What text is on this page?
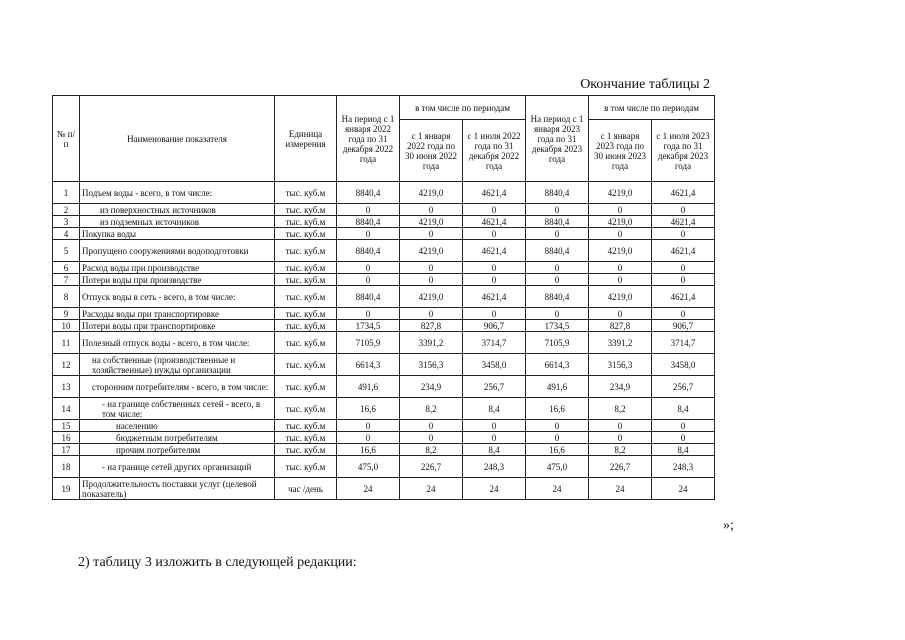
Окончание таблицы 2
№ п/п	Наименование показателя	Единица измерения	На период с 1 января 2022 года по 31 декабря 2022 года	в том числе по периодам		На период с 1 января 2023 года по 31 декабря 2023 года	в том числе по периодам	
				с 1 января 2022 года по 30 июня 2022 года	с 1 июля 2022 года по 31 декабря 2022 года		с 1 января 2023 года по 30 июня 2023 года	с 1 июля 2023 года по 31 декабря 2023 года
1	Подъем воды - всего, в том числе:	тыс. куб.м	8840,4	4219,0	4621,4	8840,4	4219,0	4621,4
2	из поверхностных источников	тыс. куб.м	0	0	0	0	0	0
3	из подземных источников	тыс. куб.м	8840,4	4219,0	4621,4	8840,4	4219,0	4621,4
4	Покупка воды	тыс. куб.м	0	0	0	0	0	0
5	Пропущено сооружениями водоподготовки	тыс. куб.м	8840,4	4219,0	4621,4	8840,4	4219,0	4621,4
6	Расход воды при производстве	тыс. куб.м	0	0	0	0	0	0
7	Потери воды при производстве	тыс. куб.м	0	0	0	0	0	0
8	Отпуск воды в сеть - всего, в том числе:	тыс. куб.м	8840,4	4219,0	4621,4	8840,4	4219,0	4621,4
9	Расходы воды при транспортировке	тыс. куб.м	0	0	0	0	0	0
10	Потери воды при транспортировке	тыс. куб.м	1734,5	827,8	906,7	1734,5	827,8	906,7
11	Полезный отпуск воды - всего, в том числе:	тыс. куб.м	7105,9	3391,2	3714,7	7105,9	3391,2	3714,7
12	на собственные (производственные и хозяйственные) нужды организации	тыс. куб.м	6614,3	3156,3	3458,0	6614,3	3156,3	3458,0
13	сторонним потребителям - всего, в том числе:	тыс. куб.м	491,6	234,9	256,7	491,6	234,9	256,7
14	- на границе собственных сетей - всего, в том числе:	тыс. куб.м	16,6	8,2	8,4	16,6	8,2	8,4
15	населению	тыс. куб.м	0	0	0	0	0	0
16	бюджетным потребителям	тыс. куб.м	0	0	0	0	0	0
17	прочим потребителям	тыс. куб.м	16,6	8,2	8,4	16,6	8,2	8,4
18	- на границе сетей других организаций	тыс. куб.м	475,0	226,7	248,3	475,0	226,7	248,3
19	Продолжительность поставки услуг (целевой показатель)	час /день	24	24	24	24	24	24
»;
2) таблицу 3 изложить в следующей редакции:
